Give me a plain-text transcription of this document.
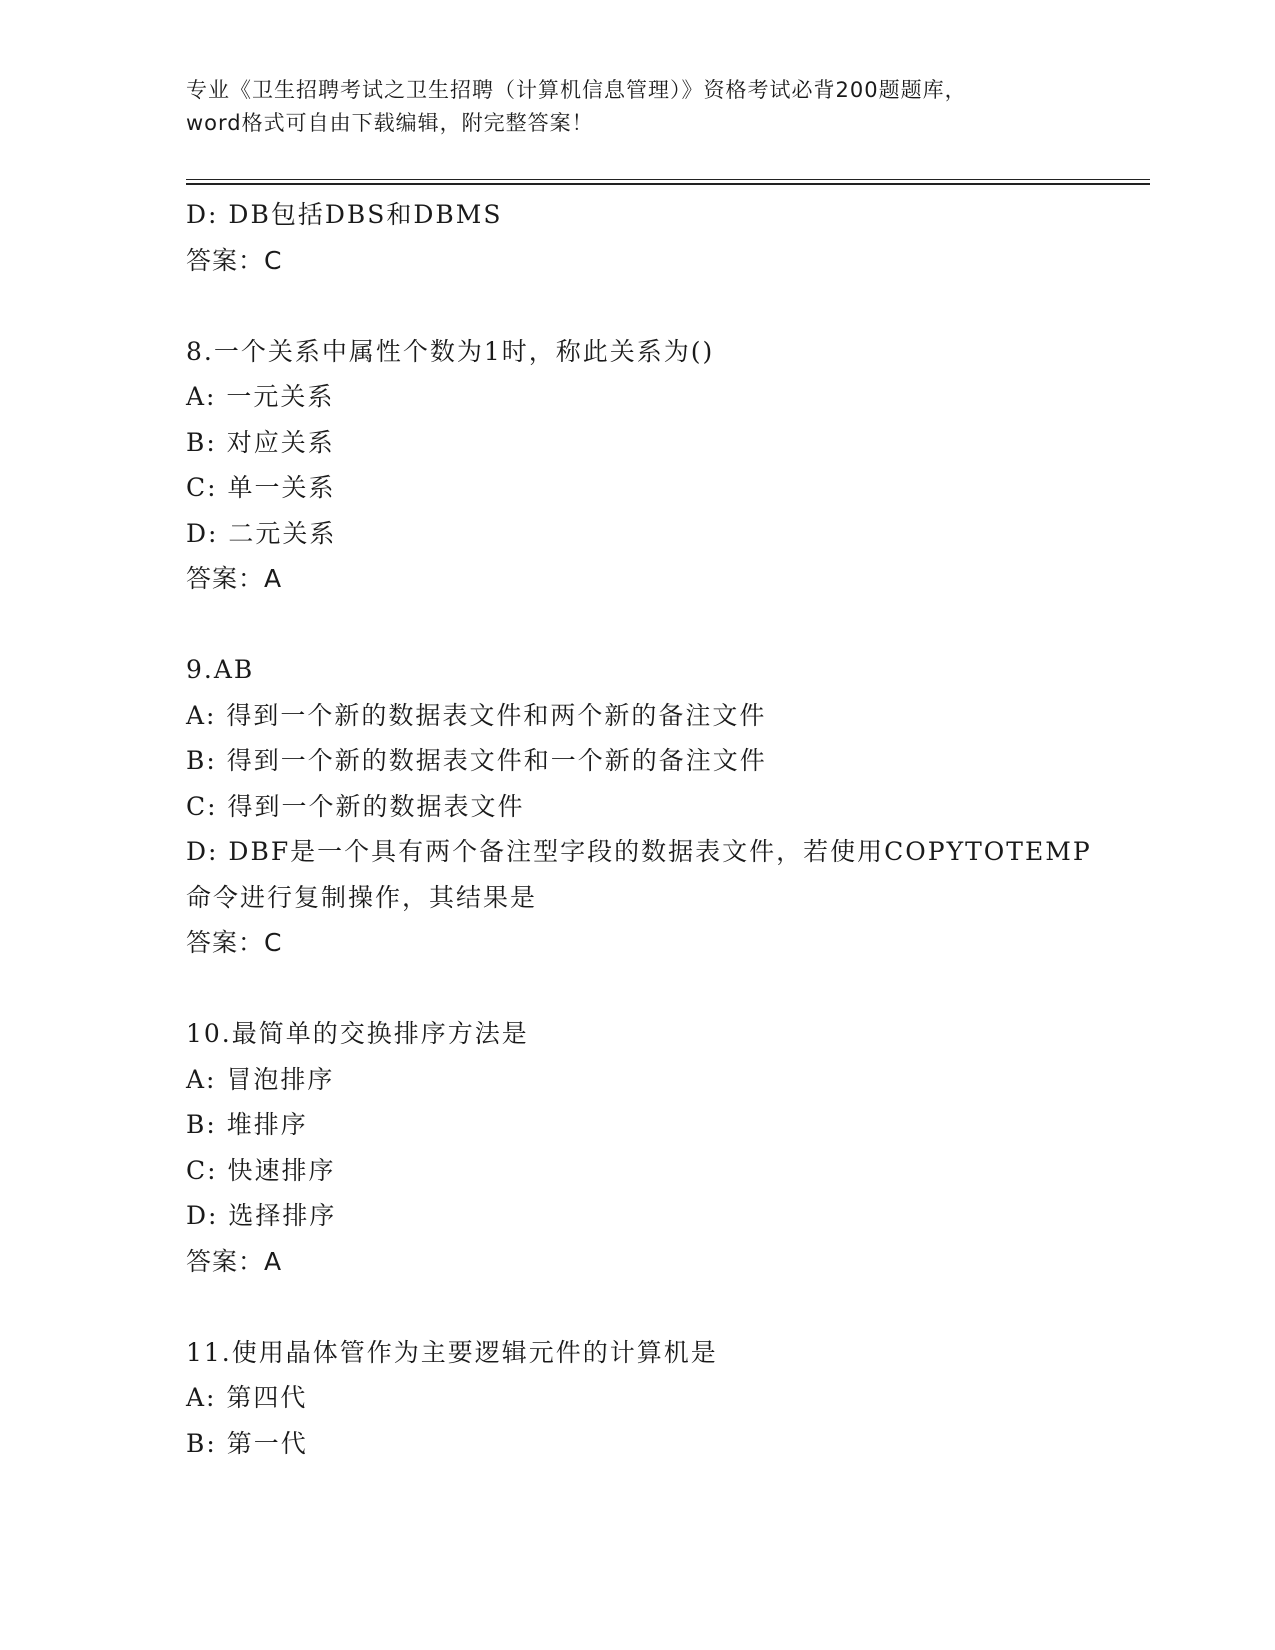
专业《卫生招聘考试之卫生招聘（计算机信息管理）》资格考试必背200题题库，
word格式可自由下载编辑，附完整答案！
D: DB包括DBS和DBMS
答案：C
8.一个关系中属性个数为1时，称此关系为()
A: 一元关系
B: 对应关系
C: 单一关系
D: 二元关系
答案：A
9.AB
A: 得到一个新的数据表文件和两个新的备注文件
B: 得到一个新的数据表文件和一个新的备注文件
C: 得到一个新的数据表文件
D: DBF是一个具有两个备注型字段的数据表文件，若使用COPYTOTEMP
命令进行复制操作，其结果是
答案：C
10.最简单的交换排序方法是
A: 冒泡排序
B: 堆排序
C: 快速排序
D: 选择排序
答案：A
11.使用晶体管作为主要逻辑元件的计算机是
A: 第四代
B: 第一代
